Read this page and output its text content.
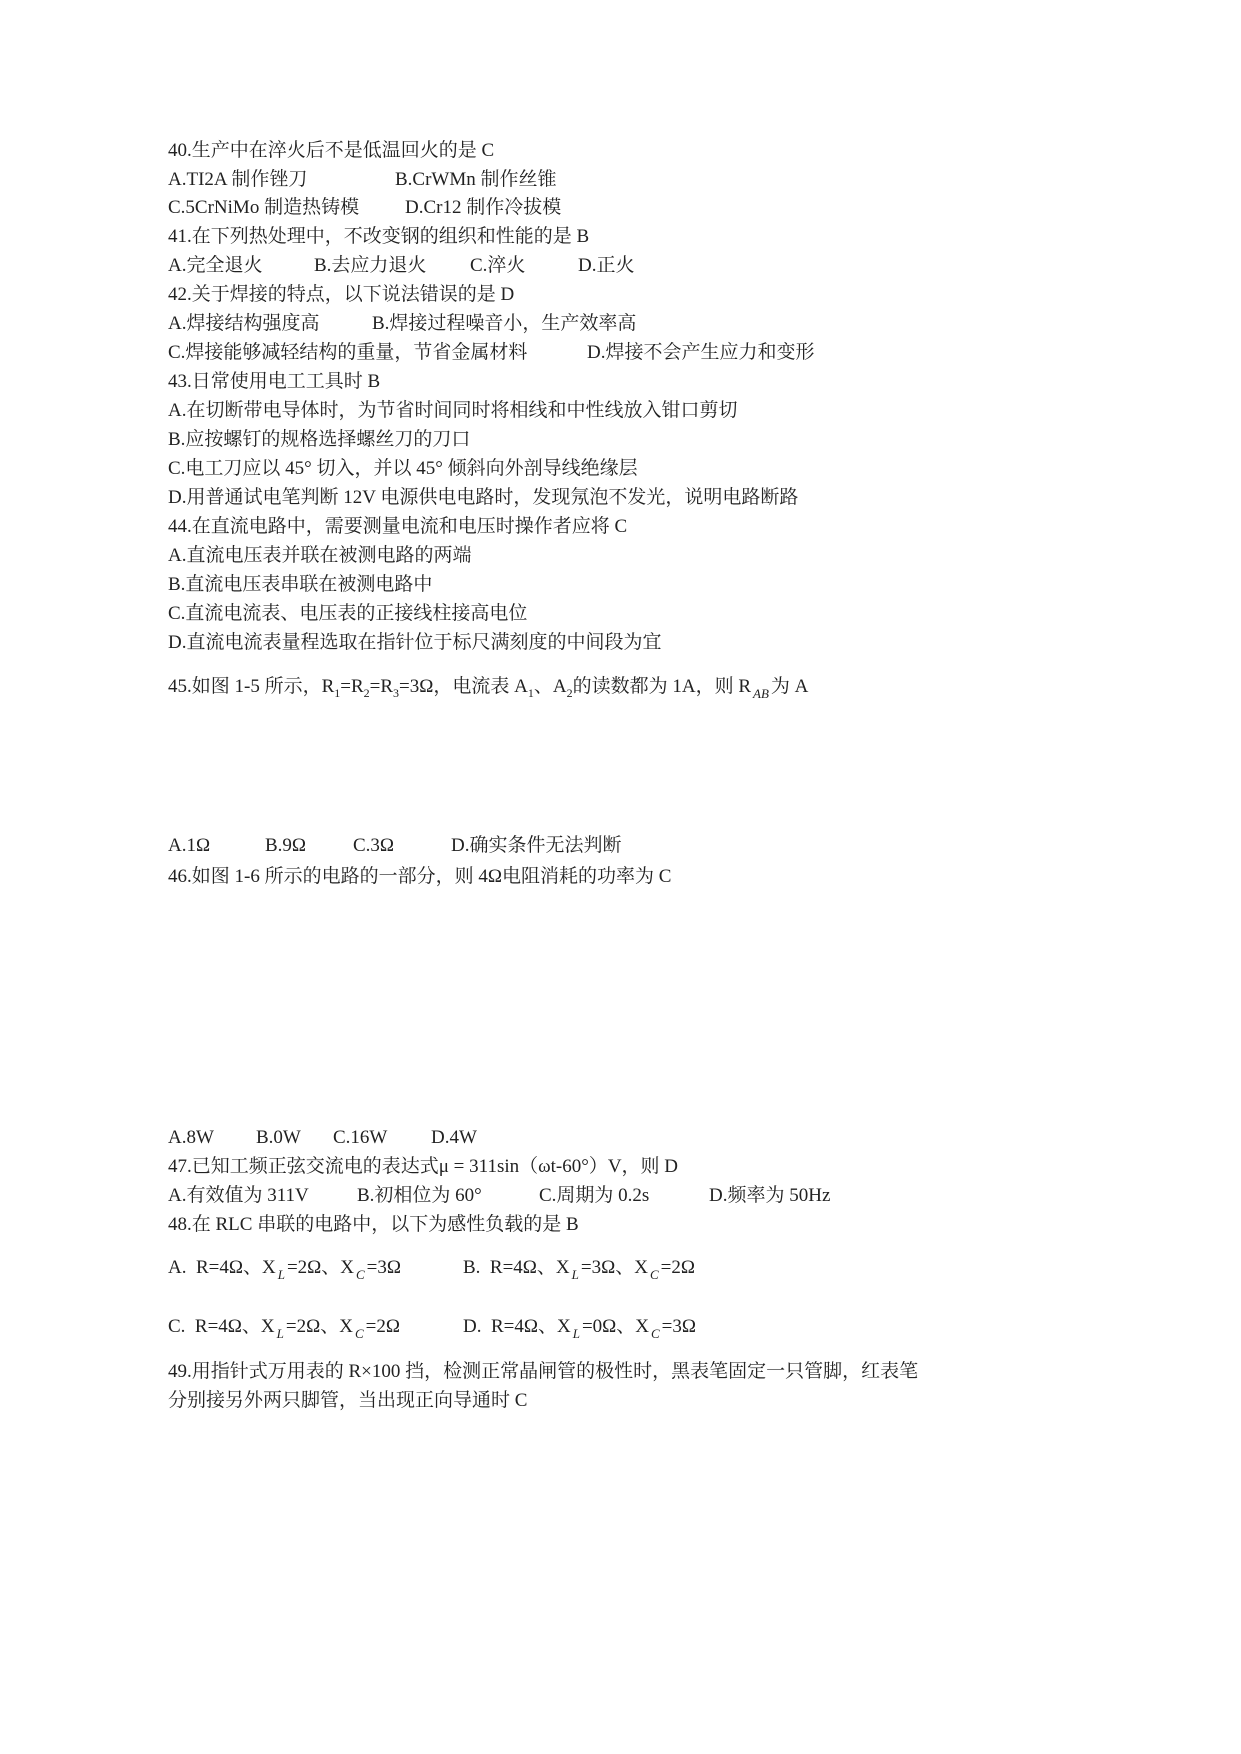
40.生产中在淬火后不是低温回火的是 C
A.TI2A 制作锉刀	B.CrWMn 制作丝锥
C.5CrNiMo 制造热铸模 D.Cr12 制作冷拔模
41.在下列热处理中，不改变钢的组织和性能的是 B
A.完全退火	B.去应力退火 C.淬火	D.正火
42.关于焊接的特点，以下说法错误的是 D
A.焊接结构强度高	B.焊接过程噪音小，生产效率高
C.焊接能够减轻结构的重量，节省金属材料	D.焊接不会产生应力和变形
43.日常使用电工工具时 B
A.在切断带电导体时，为节省时间同时将相线和中性线放入钳口剪切
B.应按螺钉的规格选择螺丝刀的刀口
C.电工刀应以 45° 切入，并以 45° 倾斜向外剖导线绝缘层
D.用普通试电笔判断 12V 电源供电电路时，发现氖泡不发光，说明电路断路
44.在直流电路中，需要测量电流和电压时操作者应将 C
A.直流电压表并联在被测电路的两端
B.直流电压表串联在被测电路中
C.直流电流表、电压表的正接线柱接高电位
D.直流电流表量程选取在指针位于标尺满刻度的中间段为宜
45.如图 1-5 所示，R 1 =R 2 =R 3 =3Ω，电流表 A 1 、A 2 的读数都为 1A，则 R AB 为 A
A.1Ω	B.9Ω C.3Ω	D.确实条件无法判断
46.如图 1-6 所示的电路的一部分，则 4Ω电阻消耗的功率为 C
A.8W B.0W C.16W D.4W
47.已知工频正弦交流电的表达式μ = 311sin（ωt-60°）V，则 D
A.有效值为 311V	B.初相位为 60°	C.周期为 0.2s	D.频率为 50Hz
48.在 RLC 串联的电路中，以下为感性负载的是 B
A.  R=4Ω、X L =2Ω、X C =3Ω	B.  R=4Ω、X L =3Ω、X C =2Ω
C.  R=4Ω、X L =2Ω、X C =2Ω	D.  R=4Ω、X L =0Ω、X C =3Ω
49.用指针式万用表的 R×100 挡，检测正常晶闸管的极性时，黑表笔固定一只管脚，红表笔
分别接另外两只脚管，当出现正向导通时 C
